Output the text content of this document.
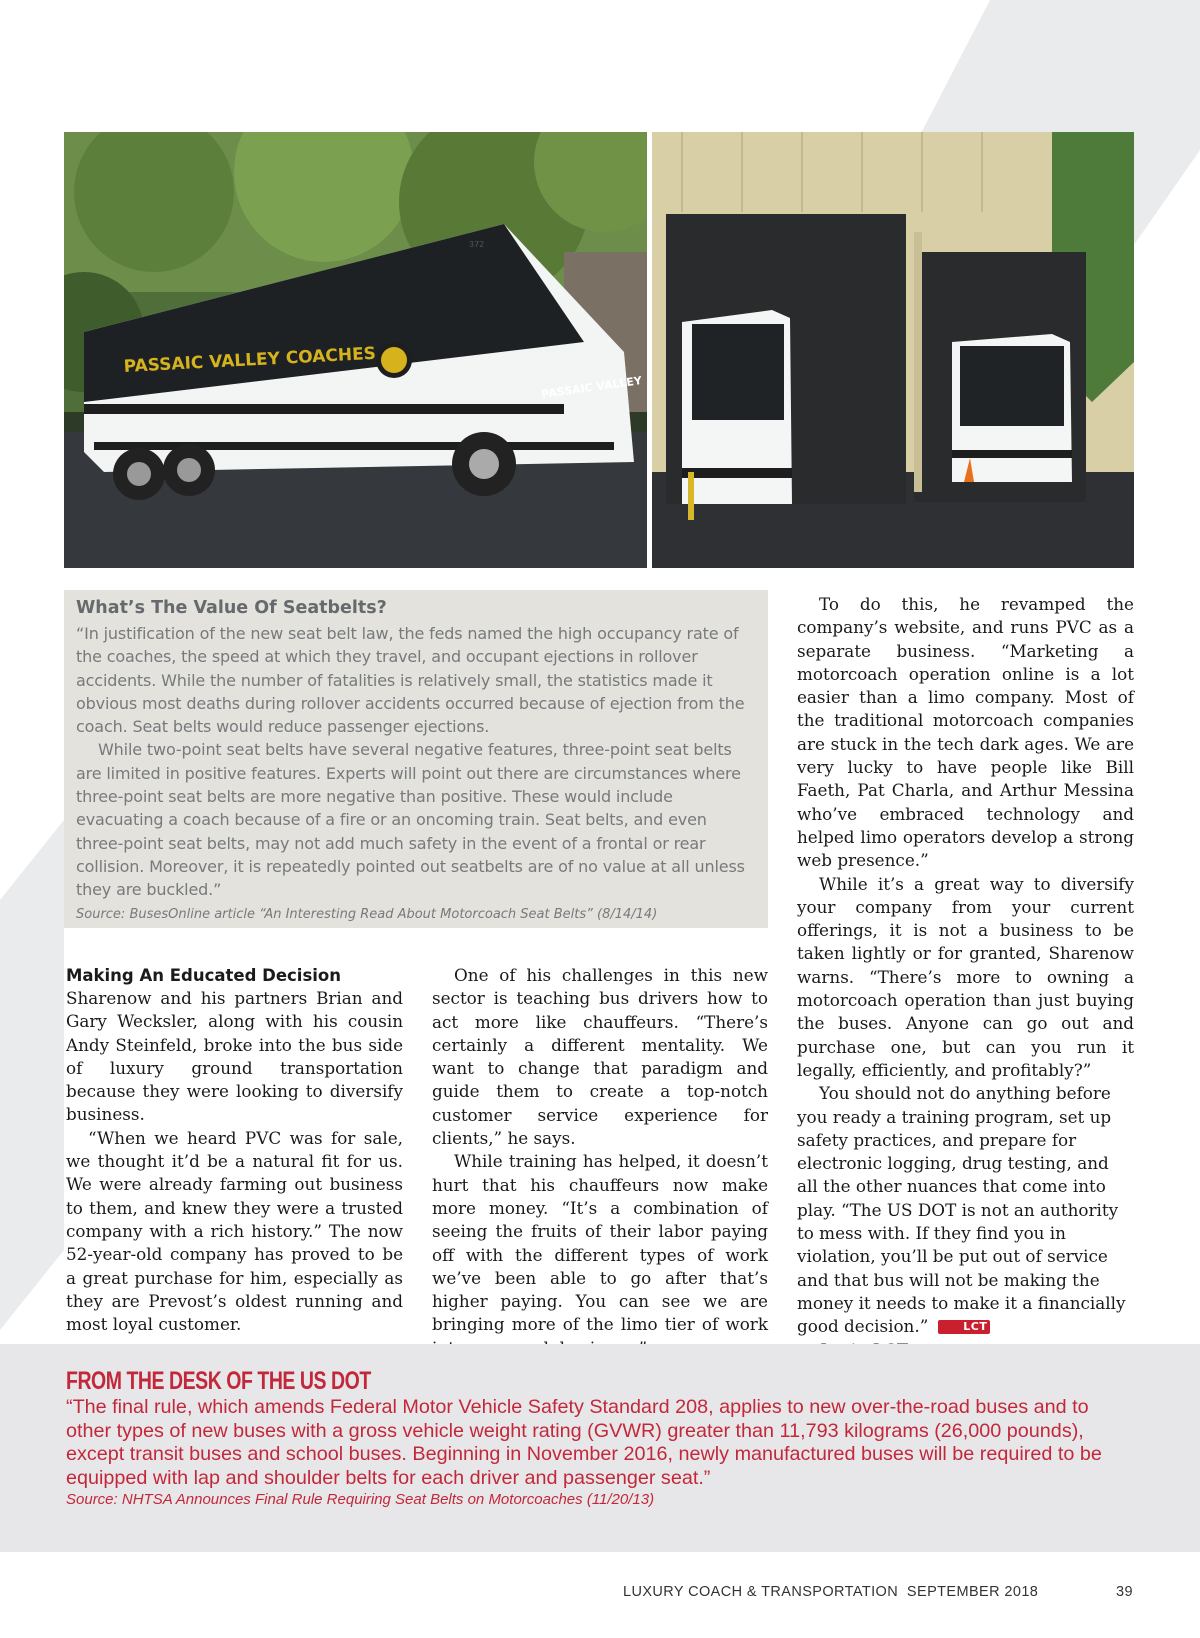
PASSAIC VALLEY COACHES
PASSAIC VALLEY
372
What’s The Value Of Seatbelts?

“In justification of the new seat belt law, the feds named the high occupancy rate of the coaches, the speed at which they travel, and occupant ejections in rollover accidents. While the number of fatalities is relatively small, the statistics made it obvious most deaths during rollover accidents occurred because of ejection from the coach. Seat belts would reduce passenger ejections.

While two-point seat belts have several negative features, three-point seat belts are limited in positive features. Experts will point out there are circumstances where three-point seat belts are more negative than positive. These would include evacuating a coach because of a fire or an oncoming train. Seat belts, and even three-point seat belts, may not add much safety in the event of a frontal or rear collision. Moreover, it is repeatedly pointed out seatbelts are of no value at all unless they are buckled.”

Source: BusesOnline article “An Interesting Read About Motorcoach Seat Belts” (8/14/14)
Making An Educated Decision

Sharenow and his partners Brian and Gary Wecksler, along with his cousin Andy Steinfeld, broke into the bus side of luxury ground transportation because they were looking to diversify business.

“When we heard PVC was for sale, we thought it’d be a natural fit for us. We were already farming out business to them, and knew they were a trusted company with a rich history.” The now 52-year-old company has proved to be a great purchase for him, especially as they are Prevost’s oldest running and most loyal customer.

One of his challenges in this new sector is teaching bus drivers how to act more like chauffeurs. “There’s certainly a different mentality. We want to change that paradigm and guide them to create a top-notch customer service experience for clients,” he says.

While training has helped, it doesn’t hurt that his chauffeurs now make more money. “It’s a combination of seeing the fruits of their labor paying off with the different types of work we’ve been able to go after that’s higher paying. You can see we are bringing more of the limo tier of work

To do this, he revamped the company’s website, and runs PVC as a separate business. “Marketing a motorcoach operation online is a lot easier than a limo company. Most of the traditional motorcoach companies are stuck in the tech dark ages. We are very lucky to have people like Bill Faeth, Pat Charla, and Arthur Messina who’ve embraced technology and helped limo operators develop a strong web presence.”

While it’s a great way to diversify your company from your current offerings, it is not a business to be taken lightly or for granted, Sharenow warns. “There’s more to owning a motorcoach operation than just buying the buses. Anyone can go out and purchase one, but can you run it legally, efficiently, and profitably?”

You should not do anything before you ready a training program, set up safety practices, and prepare for electronic logging, drug testing, and all the other nuances that come into play. “The US DOT is not an authority to mess with. If they find you in violation, you’ll be put out of service and that bus will not be making the money it needs to make it a financially good decision.”	LCT

FROM THE DESK OF THE US DOT

“The final rule, which amends Federal Motor Vehicle Safety Standard 208, applies to new over-the-road buses and to other types of new buses with a gross vehicle weight rating (GVWR) greater than 11,793 kilograms (26,000 pounds), except transit buses and school buses. Beginning in November 2016, newly manufactured buses will be required to be equipped with lap and shoulder belts for each driver and passenger seat.”

Source: NHTSA Announces Final Rule Requiring Seat Belts on Motorcoaches (11/20/13)
LUXURY COACH & TRANSPORTATION  SEPTEMBER 2018	39
